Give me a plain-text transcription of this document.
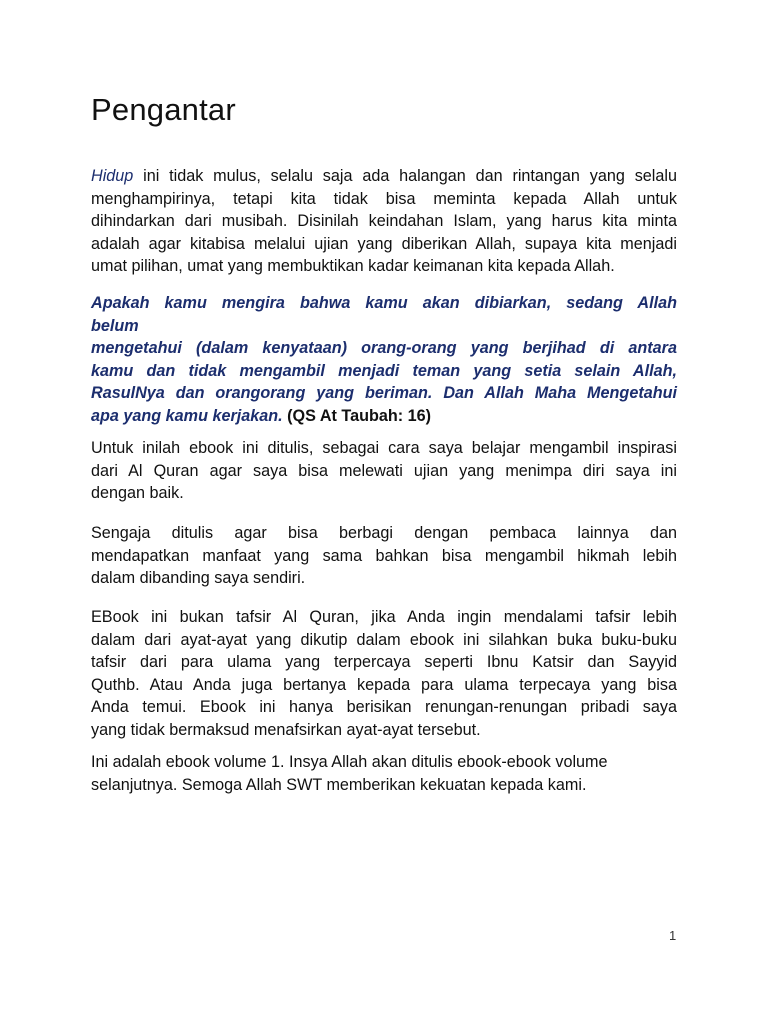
Pengantar
Hidup ini tidak mulus, selalu saja ada halangan dan rintangan yang selalu
menghampirinya, tetapi kita tidak bisa meminta kepada Allah untuk
dihindarkan dari musibah. Disinilah keindahan Islam, yang harus kita minta
adalah agar kitabisa melalui ujian yang diberikan Allah, supaya kita menjadi
umat pilihan, umat yang membuktikan kadar keimanan kita kepada Allah.
Apakah kamu mengira bahwa kamu akan dibiarkan, sedang Allah
belum
mengetahui (dalam kenyataan) orang-orang yang berjihad di antara
kamu dan tidak mengambil menjadi teman yang setia selain Allah,
RasulNya dan orangorang yang beriman. Dan Allah Maha Mengetahui
apa yang kamu kerjakan. (QS At Taubah: 16)
Untuk inilah ebook ini ditulis, sebagai cara saya belajar mengambil inspirasi
dari Al Quran agar saya bisa melewati ujian yang menimpa diri saya ini
dengan baik.
Sengaja ditulis agar bisa berbagi dengan pembaca lainnya dan
mendapatkan manfaat yang sama bahkan bisa mengambil hikmah lebih
dalam dibanding saya sendiri.
EBook ini bukan tafsir Al Quran, jika Anda ingin mendalami tafsir lebih
dalam dari ayat-ayat yang dikutip dalam ebook ini silahkan buka buku-buku
tafsir dari para ulama yang terpercaya seperti Ibnu Katsir dan Sayyid
Quthb. Atau Anda juga bertanya kepada para ulama terpecaya yang bisa
Anda temui. Ebook ini hanya berisikan renungan-renungan pribadi saya
yang tidak bermaksud menafsirkan ayat-ayat tersebut.
Ini adalah ebook volume 1. Insya Allah akan ditulis ebook-ebook volume
selanjutnya. Semoga Allah SWT memberikan kekuatan kepada kami.
1
